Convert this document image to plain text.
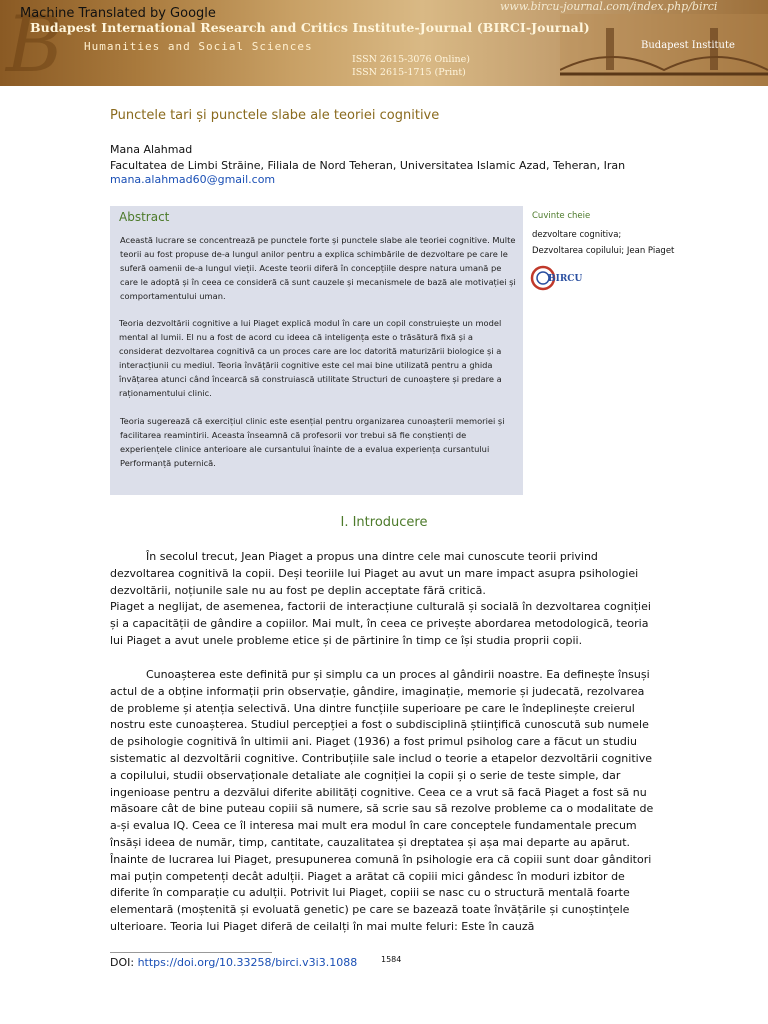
B
Machine Translated by Google	www.bircu-journal.com/index.php/birci
Budapest International Research and Critics Institute-Journal (BIRCI-Journal)
Humanities and Social Sciences
ISSN 2615-3076 Online)
ISSN 2615-1715 (Print)
Budapest Institute
Punctele tari și punctele slabe ale teoriei cognitive
Mana Alahmad
Facultatea de Limbi Străine, Filiala de Nord Teheran, Universitatea Islamic Azad, Teheran, Iran
mana.alahmad60@gmail.com
Abstract

Această lucrare se concentrează pe punctele forte și punctele slabe ale teoriei cognitive. Multe teorii au fost propuse de-a lungul anilor pentru a explica schimbările de dezvoltare pe care le suferă oamenii de-a lungul vieții. Aceste teorii diferă în concepțiile despre natura umană pe care le adoptă și în ceea ce consideră că sunt cauzele și mecanismele de bază ale motivației și comportamentului uman.

Teoria dezvoltării cognitive a lui Piaget explică modul în care un copil construiește un model mental al lumii. El nu a fost de acord cu ideea că inteligența este o trăsătură fixă și a considerat dezvoltarea cognitivă ca un proces care are loc datorită maturizării biologice și a interacțiunii cu mediul. Teoria învățării cognitive este cel mai bine utilizată pentru a ghida învățarea atunci când încearcă să construiască utilitate Structuri de cunoaștere și predare a raționamentului clinic.

Teoria sugerează că exercițiul clinic este esențial pentru organizarea cunoașterii memoriei și facilitarea reamintirii. Aceasta înseamnă că profesorii vor trebui să fie conștienți de experiențele clinice anterioare ale cursantului înainte de a evalua experiența cursantului Performanță puternică.

Cuvinte cheie
dezvoltare cognitiva;
Dezvoltarea copilului; Jean Piaget
BIRCU
I. Introducere
În secolul trecut, Jean Piaget a propus una dintre cele mai cunoscute teorii privind dezvoltarea cognitivă la copii. Deși teoriile lui Piaget au avut un mare impact asupra psihologiei dezvoltării, noțiunile sale nu au fost pe deplin acceptate fără critică.
Piaget a neglijat, de asemenea, factorii de interacțiune culturală și socială în dezvoltarea cogniției și a capacității de gândire a copiilor. Mai mult, în ceea ce privește abordarea metodologică, teoria lui Piaget a avut unele probleme etice și de părtinire în timp ce își studia proprii copii.
Cunoașterea este definită pur și simplu ca un proces al gândirii noastre. Ea definește însuși actul de a obține informații prin observație, gândire, imaginație, memorie și judecată, rezolvarea de probleme și atenția selectivă. Una dintre funcțiile superioare pe care le îndeplinește creierul nostru este cunoașterea. Studiul percepției a fost o subdisciplină științifică cunoscută sub numele de psihologie cognitivă în ultimii ani. Piaget (1936) a fost primul psiholog care a făcut un studiu sistematic al dezvoltării cognitive. Contribuțiile sale includ o teorie a etapelor dezvoltării cognitive a copilului, studii observaționale detaliate ale cogniției la copii și o serie de teste simple, dar ingenioase pentru a dezvălui diferite abilități cognitive. Ceea ce a vrut să facă Piaget a fost să nu măsoare cât de bine puteau copiii să numere, să scrie sau să rezolve probleme ca o modalitate de a-și evalua IQ. Ceea ce îl interesa mai mult era modul în care conceptele fundamentale precum însăși ideea de număr, timp, cantitate, cauzalitatea și dreptatea și așa mai departe au apărut. Înainte de lucrarea lui Piaget, presupunerea comună în psihologie era că copiii sunt doar gânditori mai puțin competenți decât adulții. Piaget a arătat că copiii mici gândesc în moduri izbitor de diferite în comparație cu adulții. Potrivit lui Piaget, copiii se nasc cu o structură mentală foarte elementară (moștenită și evoluată genetic) pe care se bazează toate învățările și cunoștințele ulterioare. Teoria lui Piaget diferă de ceilalți în mai multe feluri: Este în cauză
DOI: https://doi.org/10.33258/birci.v3i3.1088	1584
